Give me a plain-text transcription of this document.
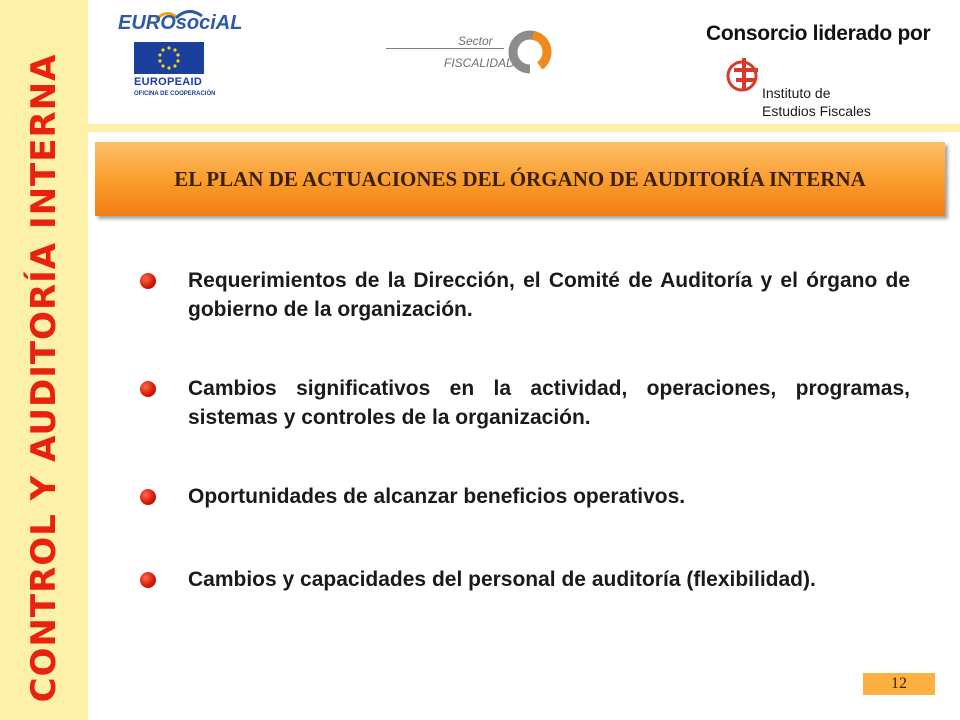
CONTROL Y AUDITORÍA INTERNA
EUROsociAL
EUROPEAID
OFICINA DE COOPERACIÓN
Sector
FISCALIDAD
Consorcio liderado por
Instituto de
Estudios Fiscales
EL PLAN DE ACTUACIONES DEL ÓRGANO DE AUDITORÍA INTERNA
Requerimientos de la Dirección, el Comité de Auditoría y el órgano de gobierno de la organización.
Cambios significativos en la actividad, operaciones, programas, sistemas y controles de la organización.
Oportunidades de alcanzar beneficios operativos.
Cambios y capacidades del personal de auditoría (flexibilidad).
12
